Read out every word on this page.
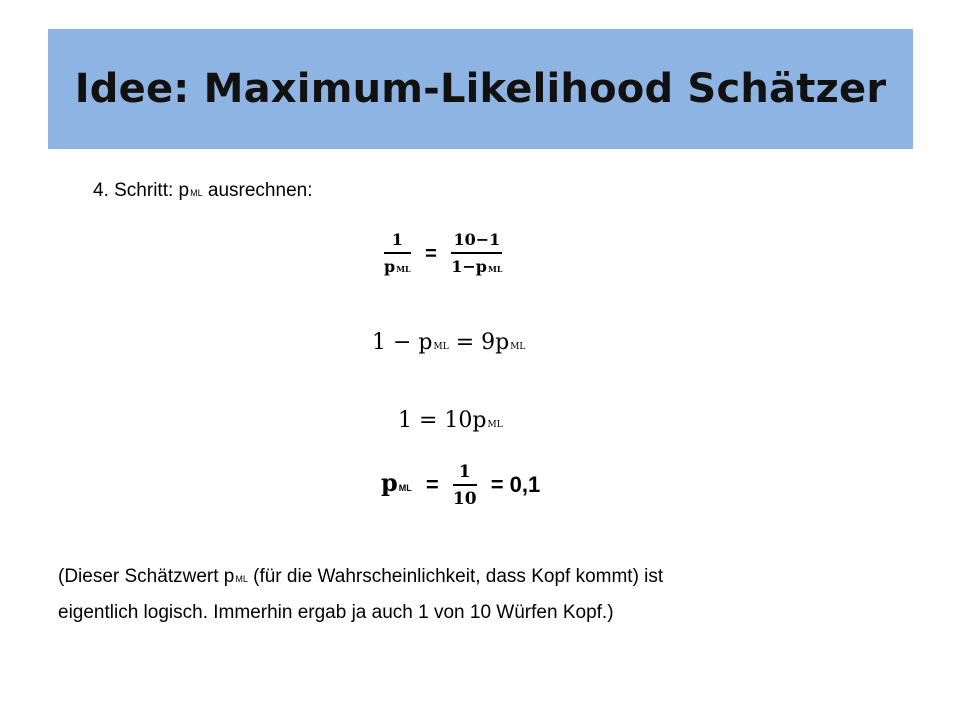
Idee: Maximum-Likelihood Schätzer
4. Schritt: pML ausrechnen:
$\frac{1}{\text{pML}} = \frac{10-1}{\text{1−pML}}$
1 − pML = 9pML
1 = 10pML
pML = $\frac{1}{10} = 0,1$
(Dieser Schätzwert pML (für die Wahrscheinlichkeit, dass Kopf kommt) ist
eigentlich logisch. Immerhin ergab ja auch 1 von 10 Würfen Kopf.)
